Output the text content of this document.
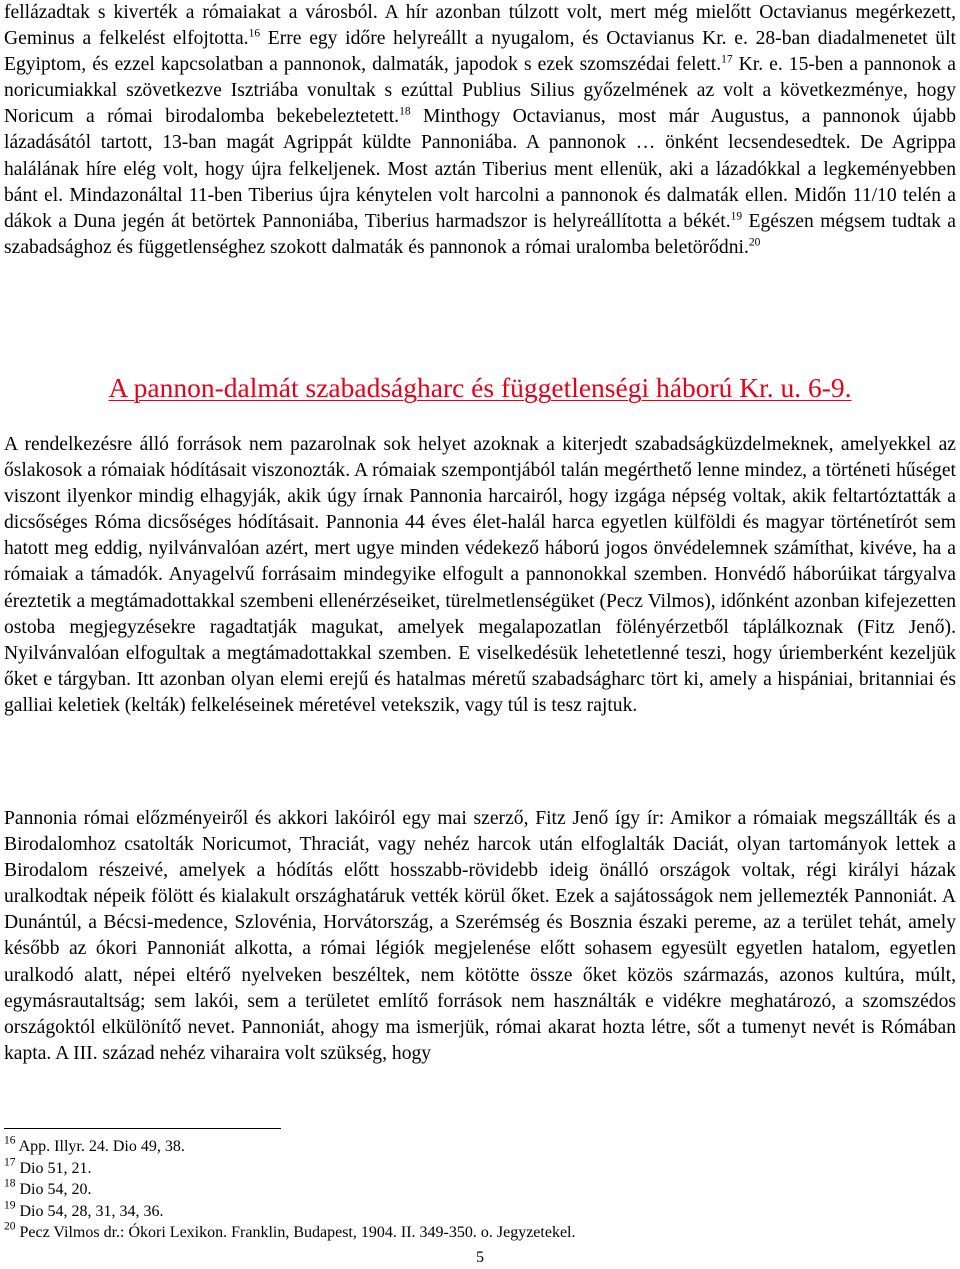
fellázadtak s kiverték a rómaiakat a városból. A hír azonban túlzott volt, mert még mielőtt Octavianus megérkezett, Geminus a felkelést elfojtotta.$^{16}$ Erre egy időre helyreállt a nyugalom, és Octavianus Kr. e. 28-ban diadalmenetet ült Egyiptom, és ezzel kapcsolatban a pannonok, dalmaták, japodok s ezek szomszédai felett.$^{17}$ Kr. e. 15-ben a pannonok a noricumiakkal szövetkezve Isztriába vonultak s ezúttal Publius Silius győzelmének az volt a következménye, hogy Noricum a római birodalomba bekebeleztetett.$^{18}$ Minthogy Octavianus, most már Augustus, a pannonok újabb lázadásától tartott, 13-ban magát Agrippát küldte Pannoniába. A pannonok … önként lecsendesedtek. De Agrippa halálának híre elég volt, hogy újra felkeljenek. Most aztán Tiberius ment ellenük, aki a lázadókkal a legkeményebben bánt el. Mindazonáltal 11-ben Tiberius újra kénytelen volt harcolni a pannonok és dalmaták ellen. Midőn 11/10 telén a dákok a Duna jegén át betörtek Pannoniába, Tiberius harmadszor is helyreállította a békét.$^{19}$ Egészen mégsem tudtak a szabadsághoz és függetlenséghez szokott dalmaták és pannonok a római uralomba beletörődni.$^{20}$

A pannon-dalmát szabadságharc és függetlenségi háború Kr. u. 6-9.

A rendelkezésre álló források nem pazarolnak sok helyet azoknak a kiterjedt szabadságküzdelmeknek, amelyekkel az őslakosok a rómaiak hódításait viszonozták. A rómaiak szempontjából talán megérthető lenne mindez, a történeti hűséget viszont ilyenkor mindig elhagyják, akik úgy írnak Pannonia harcairól, hogy izgága népség voltak, akik feltartóztatták a dicsőséges Róma dicsőséges hódításait. Pannonia 44 éves élet-halál harca egyetlen külföldi és magyar történetírót sem hatott meg eddig, nyilvánvalóan azért, mert ugye minden védekező háború jogos önvédelemnek számíthat, kivéve, ha a rómaiak a támadók. Anyagelvű forrásaim mindegyike elfogult a pannonokkal szemben. Honvédő háborúikat tárgyalva éreztetik a megtámadottakkal szembeni ellenérzéseiket, türelmetlenségüket (Pecz Vilmos), időnként azonban kifejezetten ostoba megjegyzésekre ragadtatják magukat, amelyek megalapozatlan fölényérzetből táplálkoznak (Fitz Jenő). Nyilvánvalóan elfogultak a megtámadottakkal szemben. E viselkedésük lehetetlenné teszi, hogy úriemberként kezeljük őket e tárgyban. Itt azonban olyan elemi erejű és hatalmas méretű szabadságharc tört ki, amely a hispániai, britanniai és galliai keletiek (kelták) felkeléseinek méretével vetekszik, vagy túl is tesz rajtuk.

Pannonia római előzményeiről és akkori lakóiról egy mai szerző, Fitz Jenő így ír: Amikor a rómaiak megszállták és a Birodalomhoz csatolták Noricumot, Thraciát, vagy nehéz harcok után elfoglalták Daciát, olyan tartományok lettek a Birodalom részeivé, amelyek a hódítás előtt hosszabb-rövidebb ideig önálló országok voltak, régi királyi házak uralkodtak népeik fölött és kialakult országhatáruk vették körül őket. Ezek a sajátosságok nem jellemezték Pannoniát. A Dunántúl, a Bécsi-medence, Szlovénia, Horvátország, a Szerémség és Bosznia északi pereme, az a terület tehát, amely később az ókori Pannoniát alkotta, a római légiók megjelenése előtt sohasem egyesült egyetlen hatalom, egyetlen uralkodó alatt, népei eltérő nyelveken beszéltek, nem kötötte össze őket közös származás, azonos kultúra, múlt, egymásrautaltság; sem lakói, sem a területet említő források nem használták e vidékre meghatározó, a szomszédos országoktól elkülönítő nevet. Pannoniát, ahogy ma ismerjük, római akarat hozta létre, sőt a tumenyt nevét is Rómában kapta. A III. század nehéz viharaira volt szükség, hogy

$^{16}$ App. Illyr. 24. Dio 49, 38.

$^{17}$ Dio 51, 21.

$^{18}$ Dio 54, 20.

$^{19}$ Dio 54, 28, 31, 34, 36.

$^{20}$ Pecz Vilmos dr.: Ókori Lexikon. Franklin, Budapest, 1904. II. 349-350. o. Jegyzetekel.

5
